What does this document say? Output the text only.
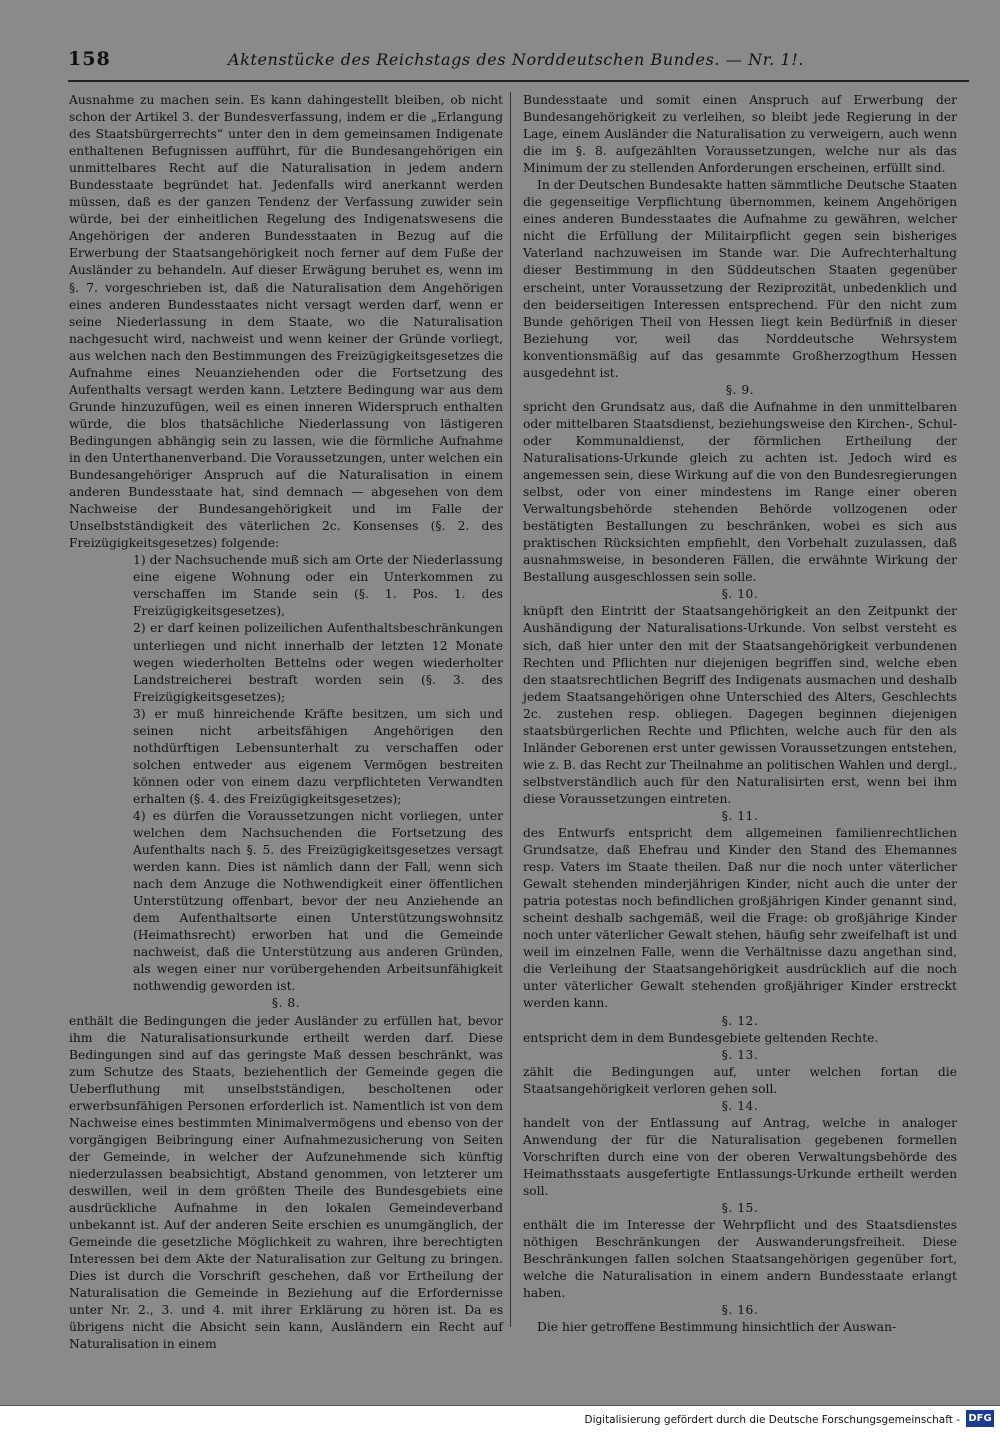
158	Aktenstücke des Reichstags des Norddeutschen Bundes. — Nr. 1!.

Ausnahme zu machen sein. Es kann dahingestellt bleiben, ob nicht schon der Artikel 3. der Bundesverfassung, indem er die „Erlangung des Staatsbürgerrechts“ unter den in dem gemeinsamen Indigenate enthaltenen Befugnissen aufführt, für die Bundesangehörigen ein unmittelbares Recht auf die Naturalisation in jedem andern Bundesstaate begründet hat. Jedenfalls wird anerkannt werden müssen, daß es der ganzen Tendenz der Verfassung zuwider sein würde, bei der einheitlichen Regelung des Indigenatswesens die Angehörigen der anderen Bundesstaaten in Bezug auf die Erwerbung der Staatsangehörigkeit noch ferner auf dem Fuße der Ausländer zu behandeln. Auf dieser Erwägung beruhet es, wenn im §. 7. vorgeschrieben ist, daß die Naturalisation dem Angehörigen eines anderen Bundesstaates nicht versagt werden darf, wenn er seine Niederlassung in dem Staate, wo die Naturalisation nachgesucht wird, nachweist und wenn keiner der Gründe vorliegt, aus welchen nach den Bestimmungen des Freizügigkeitsgesetzes die Aufnahme eines Neuanziehenden oder die Fortsetzung des Aufenthalts versagt werden kann. Letztere Bedingung war aus dem Grunde hinzuzufügen, weil es einen inneren Widerspruch enthalten würde, die blos thatsächliche Niederlassung von lästigeren Bedingungen abhängig sein zu lassen, wie die förmliche Aufnahme in den Unterthanenverband. Die Voraussetzungen, unter welchen ein Bundesangehöriger Anspruch auf die Naturalisation in einem anderen Bundesstaate hat, sind demnach — abgesehen von dem Nachweise der Bundesangehörigkeit und im Falle der Unselbstständigkeit des väterlichen 2c. Konsenses (§. 2. des Freizügigkeitsgesetzes) folgende:

1) der Nachsuchende muß sich am Orte der Niederlassung eine eigene Wohnung oder ein Unterkommen zu verschaffen im Stande sein (§. 1. Pos. 1. des Freizügigkeitsgesetzes),

2) er darf keinen polizeilichen Aufenthaltsbeschränkungen unterliegen und nicht innerhalb der letzten 12 Monate wegen wiederholten Bettelns oder wegen wiederholter Landstreicherei bestraft worden sein (§. 3. des Freizügigkeitsgesetzes);

3) er muß hinreichende Kräfte besitzen, um sich und seinen nicht arbeitsfähigen Angehörigen den nothdürftigen Lebensunterhalt zu verschaffen oder solchen entweder aus eigenem Vermögen bestreiten können oder von einem dazu verpflichteten Verwandten erhalten (§. 4. des Freizügigkeitsgesetzes);

4) es dürfen die Voraussetzungen nicht vorliegen, unter welchen dem Nachsuchenden die Fortsetzung des Aufenthalts nach §. 5. des Freizügigkeitsgesetzes versagt werden kann. Dies ist nämlich dann der Fall, wenn sich nach dem Anzuge die Nothwendigkeit einer öffentlichen Unterstützung offenbart, bevor der neu Anziehende an dem Aufenthaltsorte einen Unterstützungswohnsitz (Heimathsrecht) erworben hat und die Gemeinde nachweist, daß die Unterstützung aus anderen Gründen, als wegen einer nur vorübergehenden Arbeitsunfähigkeit nothwendig geworden ist.

§. 8.

enthält die Bedingungen die jeder Ausländer zu erfüllen hat, bevor ihm die Naturalisationsurkunde ertheilt werden darf. Diese Bedingungen sind auf das geringste Maß dessen beschränkt, was zum Schutze des Staats, beziehentlich der Gemeinde gegen die Ueberfluthung mit unselbstständigen, bescholtenen oder erwerbsunfähigen Personen erforderlich ist. Namentlich ist von dem Nachweise eines bestimmten Minimalvermögens und ebenso von der vorgängigen Beibringung einer Aufnahmezusicherung von Seiten der Gemeinde, in welcher der Aufzunehmende sich künftig niederzulassen beabsichtigt, Abstand genommen, von letzterer um deswillen, weil in dem größten Theile des Bundesgebiets eine ausdrückliche Aufnahme in den lokalen Gemeindeverband unbekannt ist. Auf der anderen Seite erschien es unumgänglich, der Gemeinde die gesetzliche Möglichkeit zu wahren, ihre berechtigten Interessen bei dem Akte der Naturalisation zur Geltung zu bringen. Dies ist durch die Vorschrift geschehen, daß vor Ertheilung der Naturalisation die Gemeinde in Beziehung auf die Erfordernisse unter Nr. 2., 3. und 4. mit ihrer Erklärung zu hören ist. Da es übrigens nicht die Absicht sein kann, Ausländern ein Recht auf Naturalisation in einem

Bundesstaate und somit einen Anspruch auf Erwerbung der Bundesangehörigkeit zu verleihen, so bleibt jede Regierung in der Lage, einem Ausländer die Naturalisation zu verweigern, auch wenn die im §. 8. aufgezählten Voraussetzungen, welche nur als das Minimum der zu stellenden Anforderungen erscheinen, erfüllt sind.

In der Deutschen Bundesakte hatten sämmtliche Deutsche Staaten die gegenseitige Verpflichtung übernommen, keinem Angehörigen eines anderen Bundesstaates die Aufnahme zu gewähren, welcher nicht die Erfüllung der Militairpflicht gegen sein bisheriges Vaterland nachzuweisen im Stande war. Die Aufrechterhaltung dieser Bestimmung in den Süddeutschen Staaten gegenüber erscheint, unter Voraussetzung der Reziprozität, unbedenklich und den beiderseitigen Interessen entsprechend. Für den nicht zum Bunde gehörigen Theil von Hessen liegt kein Bedürfniß in dieser Beziehung vor, weil das Norddeutsche Wehrsystem konventionsmäßig auf das gesammte Großherzogthum Hessen ausgedehnt ist.

§. 9.

spricht den Grundsatz aus, daß die Aufnahme in den unmittelbaren oder mittelbaren Staatsdienst, beziehungsweise den Kirchen-, Schul- oder Kommunaldienst, der förmlichen Ertheilung der Naturalisations-Urkunde gleich zu achten ist. Jedoch wird es angemessen sein, diese Wirkung auf die von den Bundesregierungen selbst, oder von einer mindestens im Range einer oberen Verwaltungsbehörde stehenden Behörde vollzogenen oder bestätigten Bestallungen zu beschränken, wobei es sich aus praktischen Rücksichten empfiehlt, den Vorbehalt zuzulassen, daß ausnahmsweise, in besonderen Fällen, die erwähnte Wirkung der Bestallung ausgeschlossen sein solle.

§. 10.

knüpft den Eintritt der Staatsangehörigkeit an den Zeitpunkt der Aushändigung der Naturalisations-Urkunde. Von selbst versteht es sich, daß hier unter den mit der Staatsangehörigkeit verbundenen Rechten und Pflichten nur diejenigen begriffen sind, welche eben den staatsrechtlichen Begriff des Indigenats ausmachen und deshalb jedem Staatsangehörigen ohne Unterschied des Alters, Geschlechts 2c. zustehen resp. obliegen. Dagegen beginnen diejenigen staatsbürgerlichen Rechte und Pflichten, welche auch für den als Inländer Geborenen erst unter gewissen Voraussetzungen entstehen, wie z. B. das Recht zur Theilnahme an politischen Wahlen und dergl., selbstverständlich auch für den Naturalisirten erst, wenn bei ihm diese Voraussetzungen eintreten.

§. 11.

des Entwurfs entspricht dem allgemeinen familienrechtlichen Grundsatze, daß Ehefrau und Kinder den Stand des Ehemannes resp. Vaters im Staate theilen. Daß nur die noch unter väterlicher Gewalt stehenden minderjährigen Kinder, nicht auch die unter der patria potestas noch befindlichen großjährigen Kinder genannt sind, scheint deshalb sachgemäß, weil die Frage: ob großjährige Kinder noch unter väterlicher Gewalt stehen, häufig sehr zweifelhaft ist und weil im einzelnen Falle, wenn die Verhältnisse dazu angethan sind, die Verleihung der Staatsangehörigkeit ausdrücklich auf die noch unter väterlicher Gewalt stehenden großjähriger Kinder erstreckt werden kann.

§. 12.

entspricht dem in dem Bundesgebiete geltenden Rechte.

§. 13.

zählt die Bedingungen auf, unter welchen fortan die Staatsangehörigkeit verloren gehen soll.

§. 14.

handelt von der Entlassung auf Antrag, welche in analoger Anwendung der für die Naturalisation gegebenen formellen Vorschriften durch eine von der oberen Verwaltungsbehörde des Heimathsstaats ausgefertigte Entlassungs-Urkunde ertheilt werden soll.

§. 15.

enthält die im Interesse der Wehrpflicht und des Staatsdienstes nöthigen Beschränkungen der Auswanderungsfreiheit. Diese Beschränkungen fallen solchen Staatsangehörigen gegenüber fort, welche die Naturalisation in einem andern Bundesstaate erlangt haben.

§. 16.

Die hier getroffene Bestimmung hinsichtlich der Auswan-

Digitalisierung gefördert durch die Deutsche Forschungsgemeinschaft - DFG
